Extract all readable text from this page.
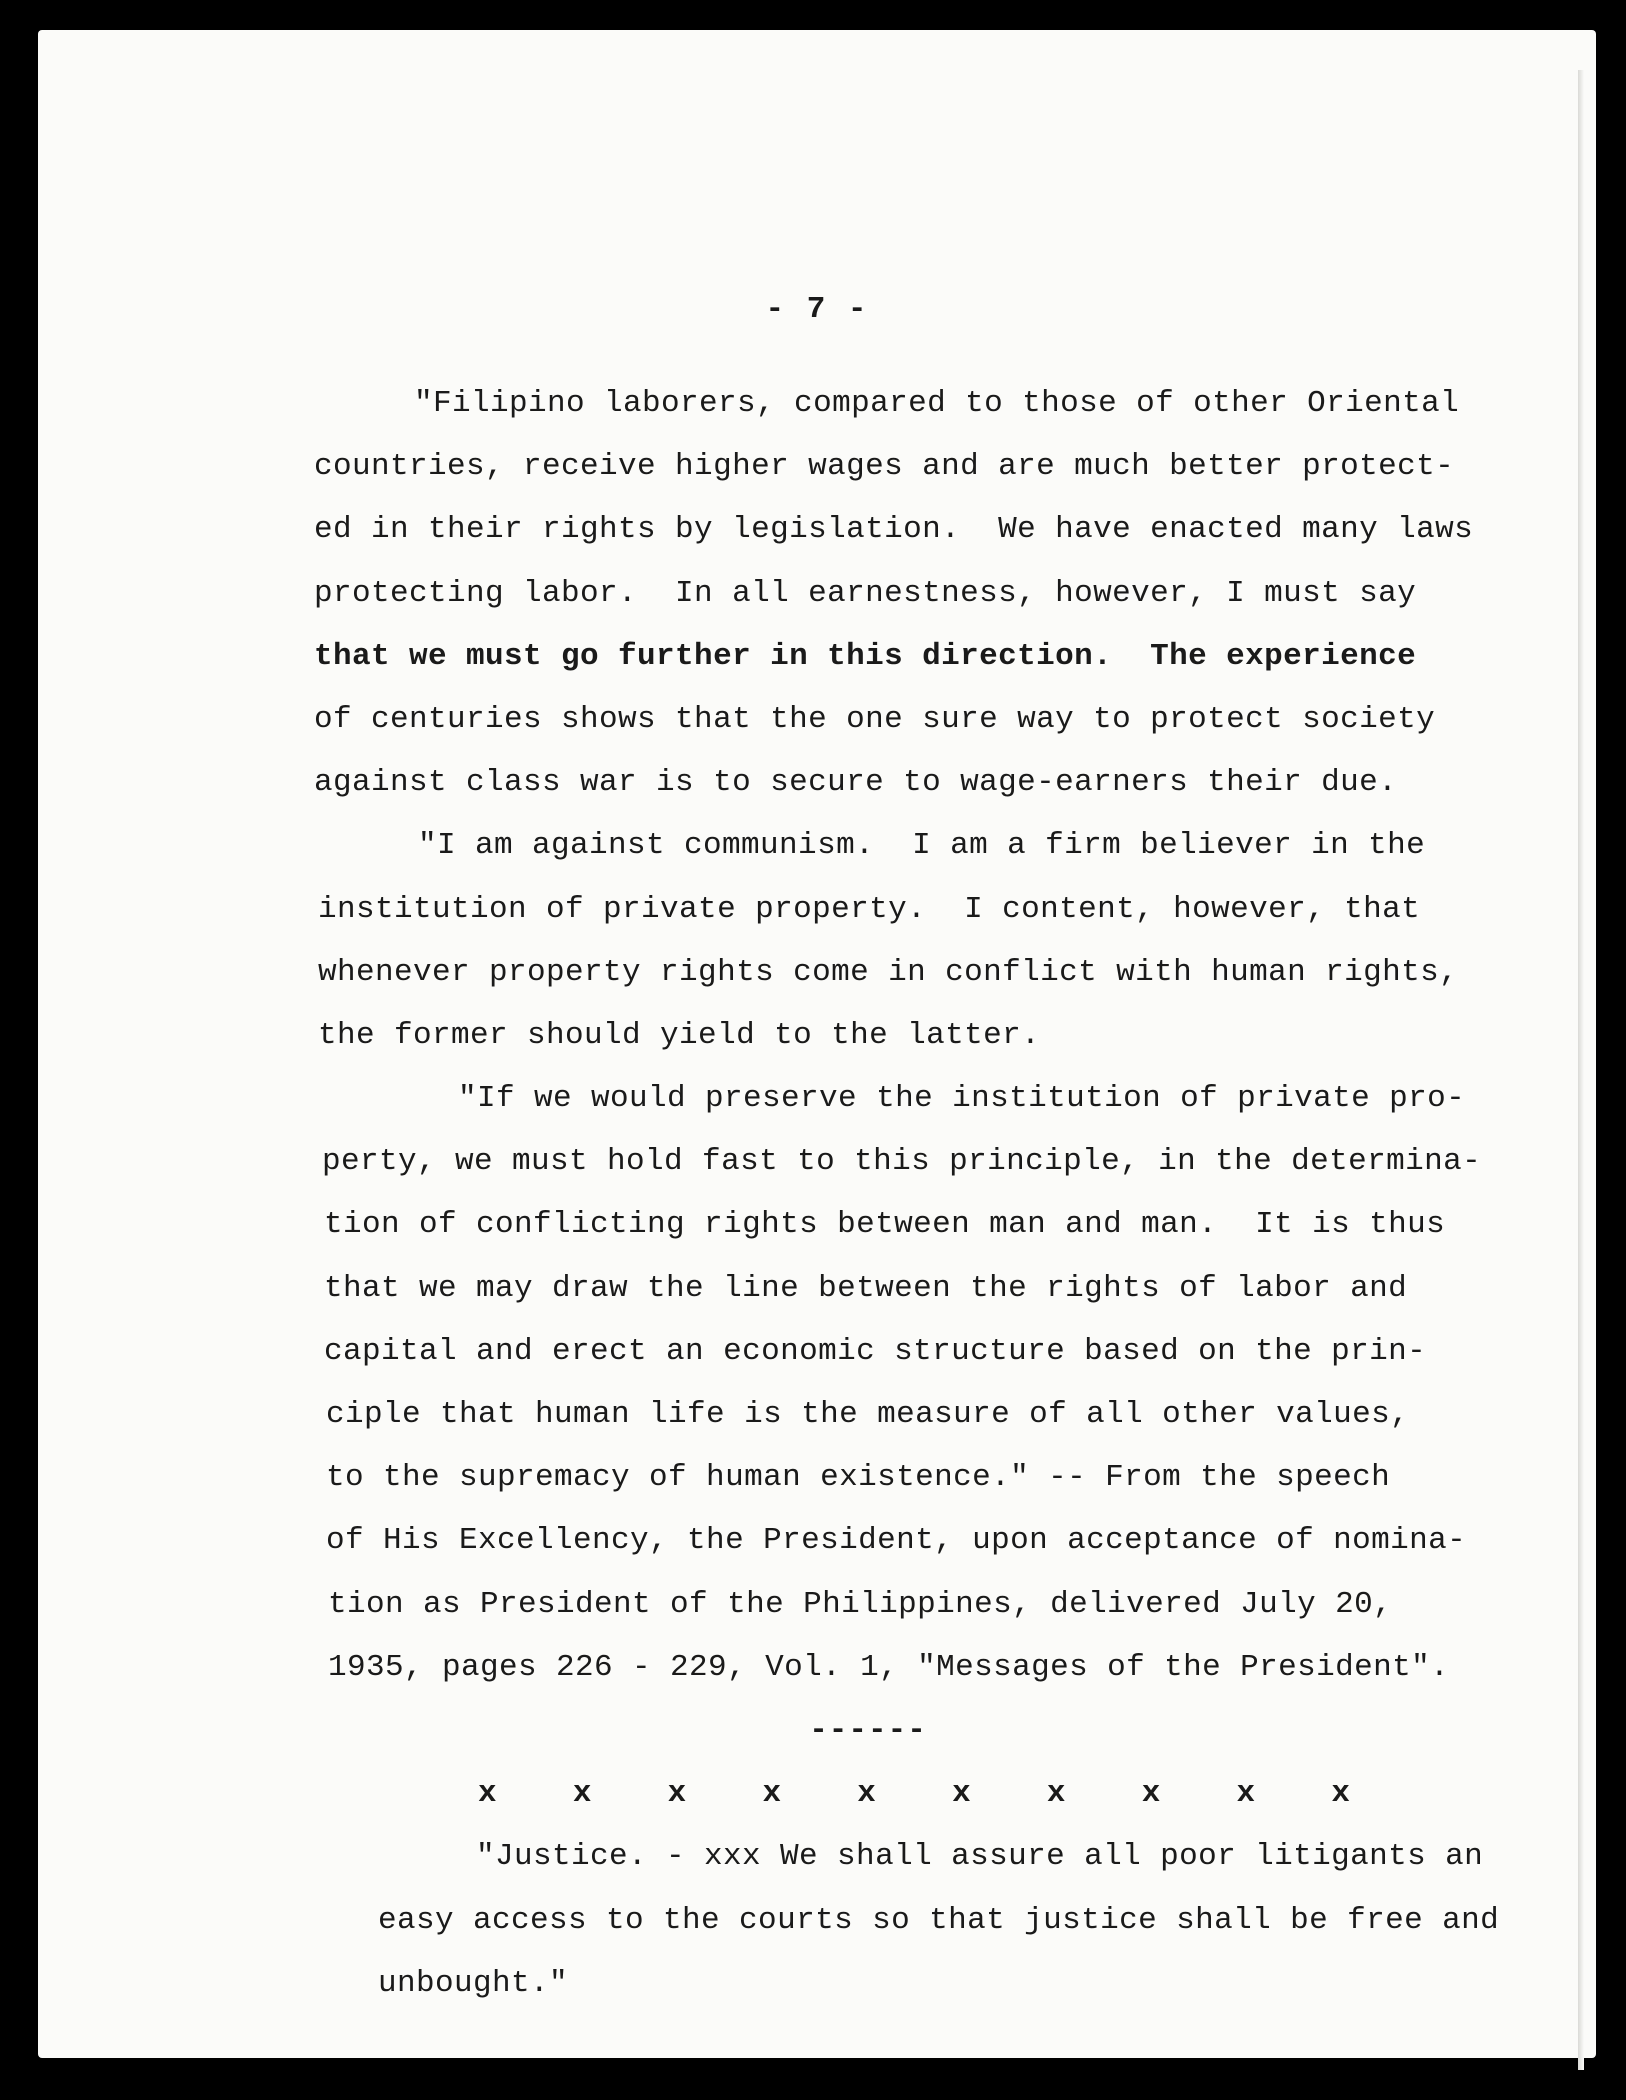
- 7 -
"Filipino laborers, compared to those of other Oriental
countries, receive higher wages and are much better protect-
ed in their rights by legislation.  We have enacted many laws
protecting labor.  In all earnestness, however, I must say
that we must go further in this direction.  The experience
of centuries shows that the one sure way to protect society
against class war is to secure to wage-earners their due.
"I am against communism.  I am a firm believer in the
institution of private property.  I content, however, that
whenever property rights come in conflict with human rights,
the former should yield to the latter.
"If we would preserve the institution of private pro-
perty, we must hold fast to this principle, in the determina-
tion of conflicting rights between man and man.  It is thus
that we may draw the line between the rights of labor and
capital and erect an economic structure based on the prin-
ciple that human life is the measure of all other values,
to the supremacy of human existence." -- From the speech
of His Excellency, the President, upon acceptance of nomina-
tion as President of the Philippines, delivered July 20,
1935, pages 226 - 229, Vol. 1, "Messages of the President".
------
x x x x x x x x x x
"Justice. - xxx We shall assure all poor litigants an
easy access to the courts so that justice shall be free and
unbought."
